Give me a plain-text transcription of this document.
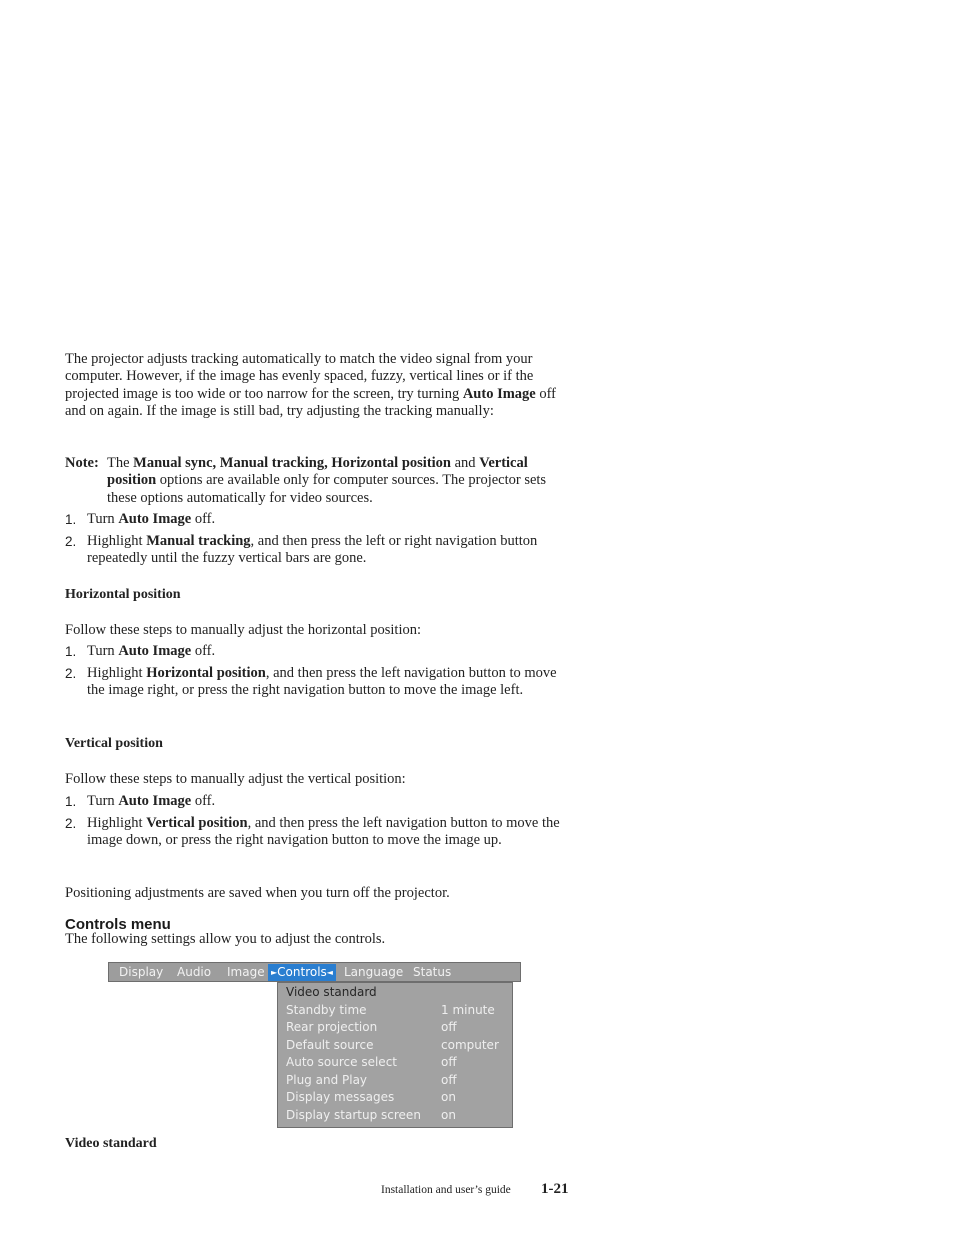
The projector adjusts tracking automatically to match the video signal from your computer. However, if the image has evenly spaced, fuzzy, vertical lines or if the projected image is too wide or too narrow for the screen, try turning Auto Image off and on again. If the image is still bad, try adjusting the tracking manually:
Note: The Manual sync, Manual tracking, Horizontal position and Vertical position options are available only for computer sources. The projector sets these options automatically for video sources.
1. Turn Auto Image off.
2. Highlight Manual tracking, and then press the left or right navigation button repeatedly until the fuzzy vertical bars are gone.
Horizontal position
Follow these steps to manually adjust the horizontal position:
1. Turn Auto Image off.
2. Highlight Horizontal position, and then press the left navigation button to move the image right, or press the right navigation button to move the image left.
Vertical position
Follow these steps to manually adjust the vertical position:
1. Turn Auto Image off.
2. Highlight Vertical position, and then press the left navigation button to move the image down, or press the right navigation button to move the image up.
Positioning adjustments are saved when you turn off the projector.
Controls menu
The following settings allow you to adjust the controls.
Display Audio Image ►Controls◄ Language Status
Video standard
Standby time	1 minute
Rear projection	off
Default source	computer
Auto source select	off
Plug and Play	off
Display messages	on
Display startup screen on
Video standard
Installation and user’s guide 1-21
